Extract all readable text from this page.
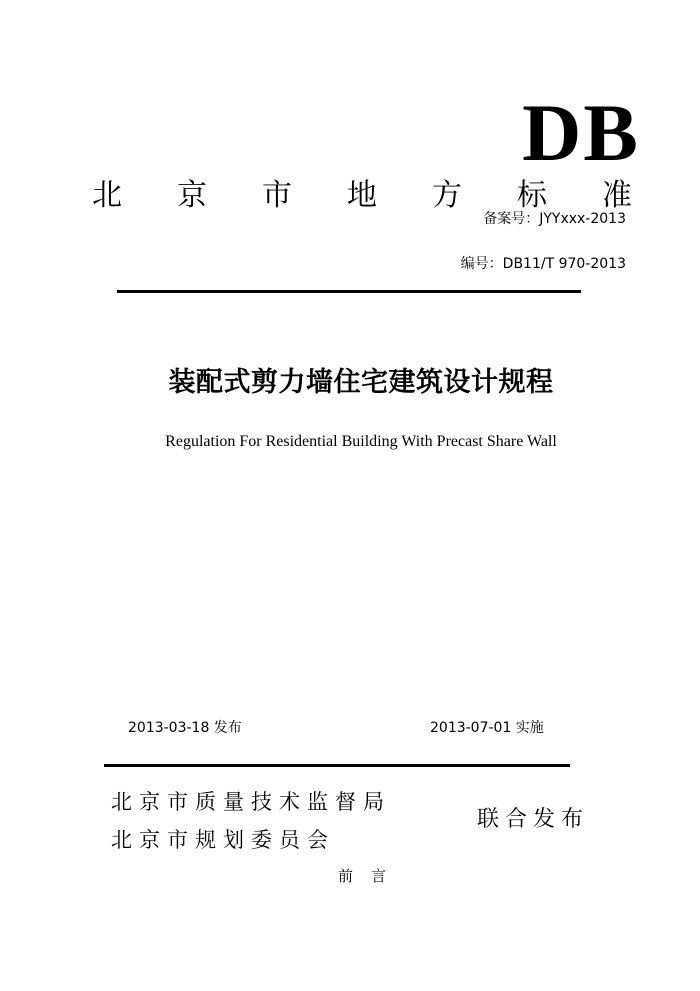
DB
北 京 市 地 方 标 准
备案号：JYYxxx-2013
编号：DB11/T 970-2013
装配式剪力墙住宅建筑设计规程
Regulation For Residential Building With Precast Share Wall
2013-03-18 发布	2013-07-01 实施
北京市质量技术监督局
北京市规划委员会
联合发布
前言
